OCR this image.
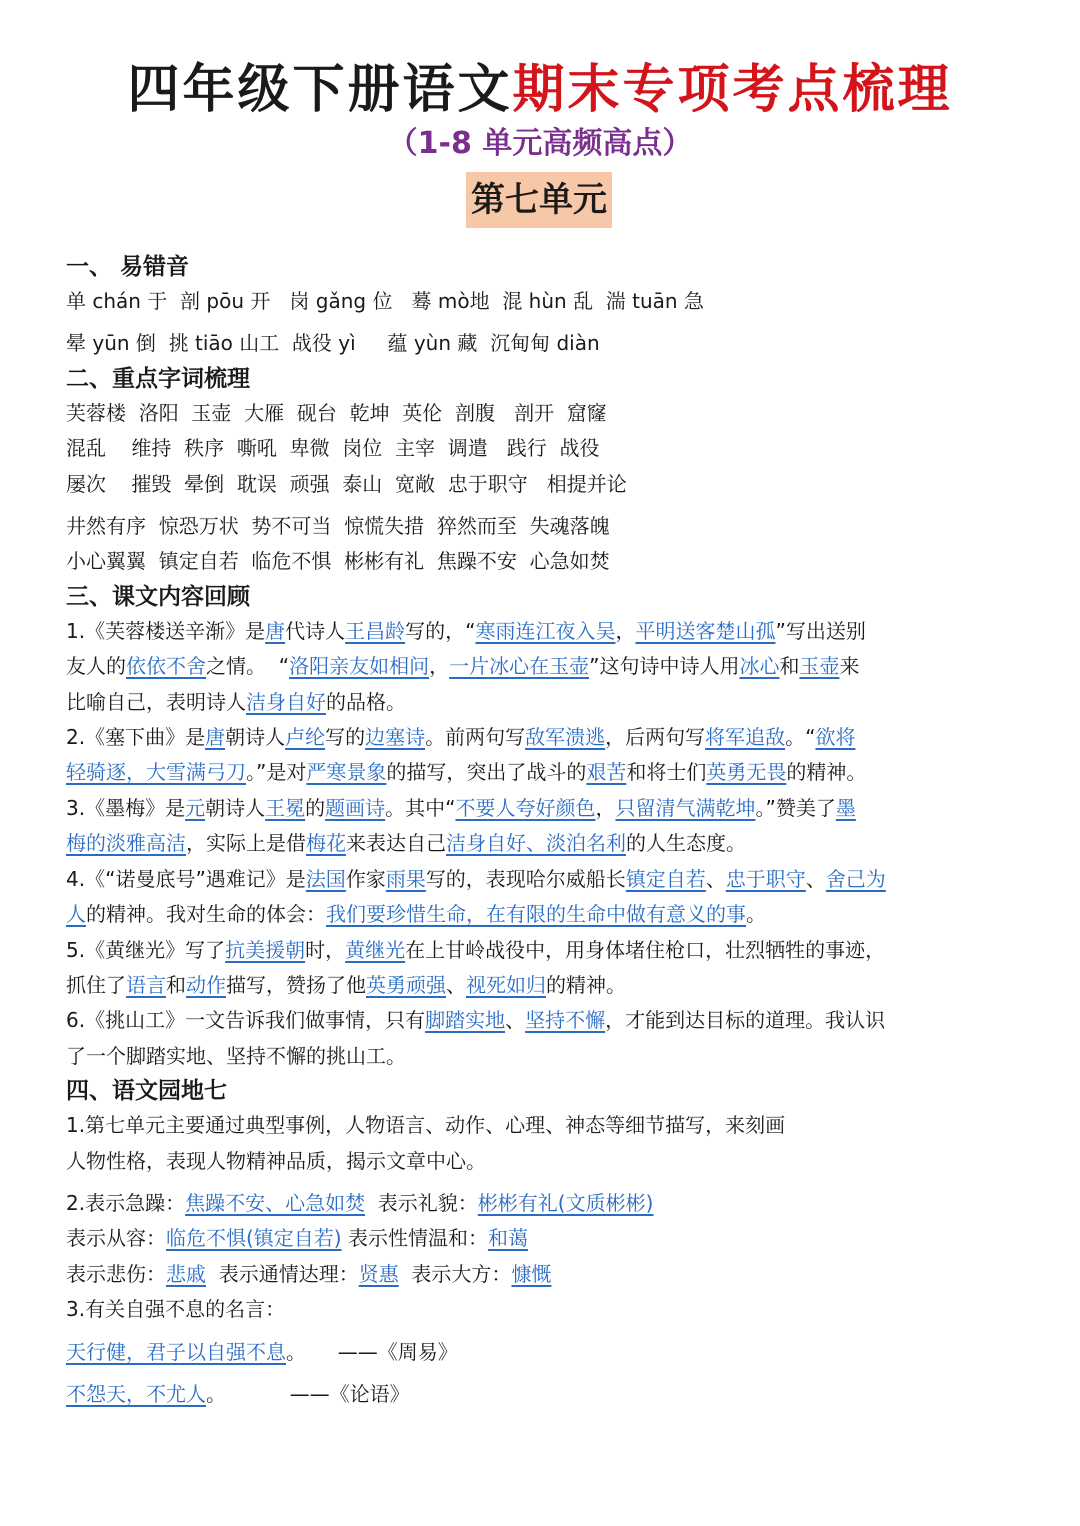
四年级下册语文期末专项考点梳理
（1-8 单元高频高点）
第七单元
一、 易错音
单 chán 于  剖 pōu 开   岗 gǎng 位   蓦 mò地  混 hùn 乱  湍 tuān 急
晕 yūn 倒  挑 tiāo 山工  战役 yì     蕴 yùn 藏  沉甸甸 diàn
二、重点字词梳理
芙蓉楼  洛阳  玉壶  大雁  砚台  乾坤  英伦  剖腹   剖开  窟窿
混乱    维持  秩序  嘶吼  卑微  岗位  主宰  调遣   践行  战役
屡次    摧毁  晕倒  耽误  顽强  泰山  宽敞  忠于职守   相提并论
井然有序  惊恐万状  势不可当  惊慌失措  猝然而至  失魂落魄
小心翼翼  镇定自若  临危不惧  彬彬有礼  焦躁不安  心急如焚
三、课文内容回顾
1.《芙蓉楼送辛渐》是唐代诗人王昌龄写的，“寒雨连江夜入吴，平明送客楚山孤”写出送别
友人的依依不舍之情。  “洛阳亲友如相问，一片冰心在玉壶”这句诗中诗人用冰心和玉壶来
比喻自己，表明诗人洁身自好的品格。
2.《塞下曲》是唐朝诗人卢纶写的边塞诗。前两句写敌军溃逃，后两句写将军追敌。“欲将
轻骑逐，大雪满弓刀。”是对严寒景象的描写，突出了战斗的艰苦和将士们英勇无畏的精神。
3.《墨梅》是元朝诗人王冕的题画诗。其中“不要人夸好颜色，只留清气满乾坤。”赞美了墨
梅的淡雅高洁，实际上是借梅花来表达自己洁身自好、淡泊名利的人生态度。
4.《“诺曼底号”遇难记》是法国作家雨果写的，表现哈尔威船长镇定自若、忠于职守、舍己为
人的精神。我对生命的体会：我们要珍惜生命，在有限的生命中做有意义的事。
5.《黄继光》写了抗美援朝时，黄继光在上甘岭战役中，用身体堵住枪口，壮烈牺牲的事迹，
抓住了语言和动作描写，赞扬了他英勇顽强、视死如归的精神。
6.《挑山工》一文告诉我们做事情，只有脚踏实地、坚持不懈，才能到达目标的道理。我认识
了一个脚踏实地、坚持不懈的挑山工。
四、语文园地七
1.第七单元主要通过典型事例，人物语言、动作、心理、神态等细节描写，来刻画
人物性格，表现人物精神品质，揭示文章中心。
2.表示急躁：焦躁不安、心急如焚  表示礼貌：彬彬有礼(文质彬彬)
表示从容：临危不惧(镇定自若) 表示性情温和：和蔼
表示悲伤：悲戚  表示通情达理：贤惠  表示大方：慷慨
3.有关自强不息的名言：
天行健，君子以自强不息。     ——《周易》
不怨天，不尤人。          ——《论语》
